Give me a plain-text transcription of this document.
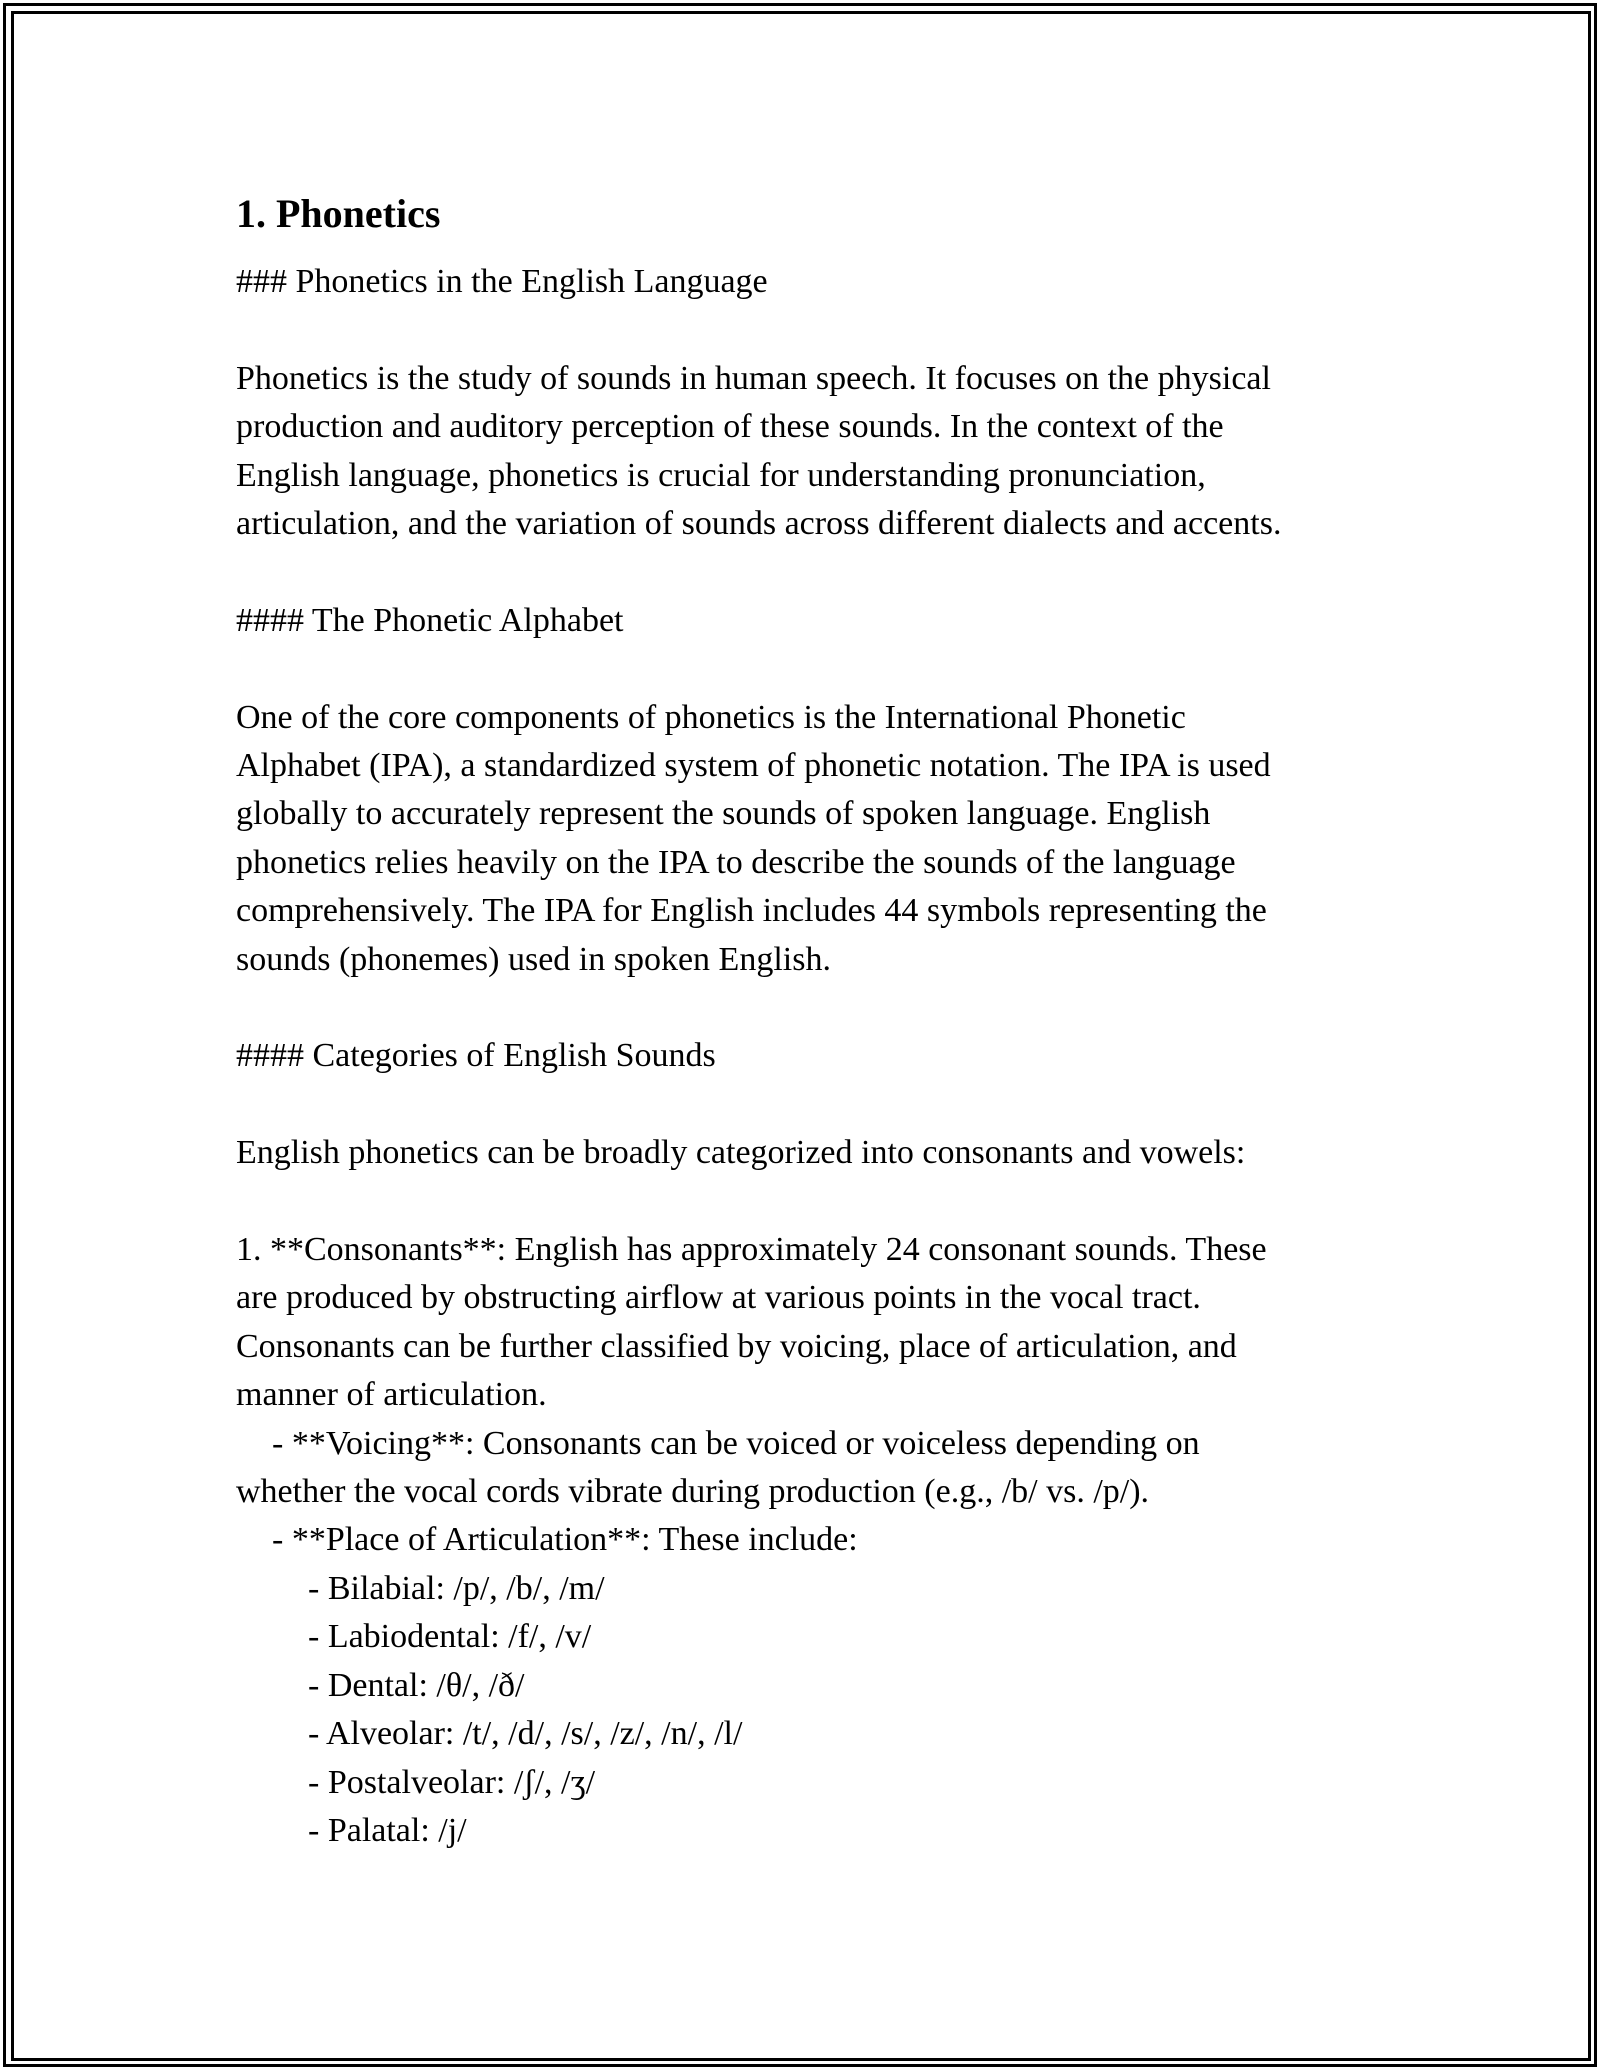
1. Phonetics

### Phonetics in the English Language

Phonetics is the study of sounds in human speech. It focuses on the physical

production and auditory perception of these sounds. In the context of the

English language, phonetics is crucial for understanding pronunciation,

articulation, and the variation of sounds across different dialects and accents.

#### The Phonetic Alphabet

One of the core components of phonetics is the International Phonetic

Alphabet (IPA), a standardized system of phonetic notation. The IPA is used

globally to accurately represent the sounds of spoken language. English

phonetics relies heavily on the IPA to describe the sounds of the language

comprehensively. The IPA for English includes 44 symbols representing the

sounds (phonemes) used in spoken English.

#### Categories of English Sounds

English phonetics can be broadly categorized into consonants and vowels:

1. **Consonants**: English has approximately 24 consonant sounds. These

are produced by obstructing airflow at various points in the vocal tract.

Consonants can be further classified by voicing, place of articulation, and

manner of articulation.

- **Voicing**: Consonants can be voiced or voiceless depending on

whether the vocal cords vibrate during production (e.g., /b/ vs. /p/).

- **Place of Articulation**: These include:

- Bilabial: /p/, /b/, /m/

- Labiodental: /f/, /v/

- Dental: /θ/, /ð/

- Alveolar: /t/, /d/, /s/, /z/, /n/, /l/

- Postalveolar: /ʃ/, /ʒ/

- Palatal: /j/
